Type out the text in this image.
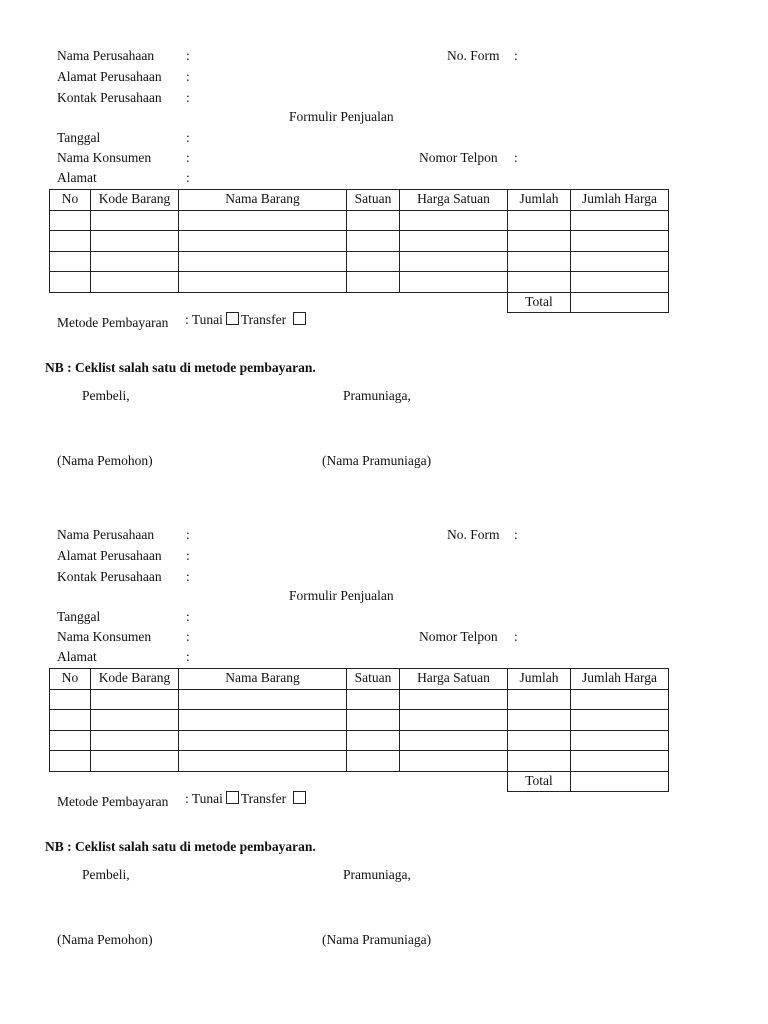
Nama Perusahaan :	No. Form :
Alamat Perusahaan :
Kontak Perusahaan :
Formulir Penjualan
Tanggal	:
Nama Konsumen	:	Nomor Telpon :
Alamat	:
No	Kode Barang	Nama Barang	Satuan	Harga Satuan	Jumlah	Jumlah Harga

					Total	
Metode Pembayaran : Tunai Transfer
NB : Ceklist salah satu di metode pembayaran.
Pembeli,	Pramuniaga,
(Nama Pemohon)	(Nama Pramuniaga)
Nama Perusahaan :	No. Form :
Alamat Perusahaan :
Kontak Perusahaan :
Formulir Penjualan
Tanggal	:
Nama Konsumen	:	Nomor Telpon :
Alamat	:
No	Kode Barang	Nama Barang	Satuan	Harga Satuan	Jumlah	Jumlah Harga

					Total	
Metode Pembayaran : Tunai Transfer
NB : Ceklist salah satu di metode pembayaran.
Pembeli,	Pramuniaga,
(Nama Pemohon)	(Nama Pramuniaga)
